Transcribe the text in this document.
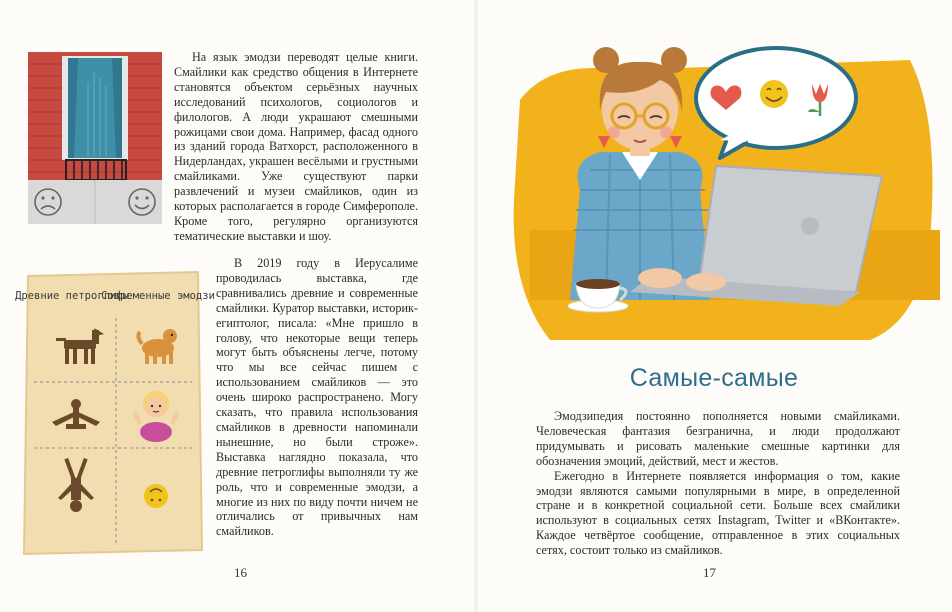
Древние петроглифы
Современные эмодзи

На язык эмодзи переводят целые книги. Смайлики как средство общения в Интернете становятся объектом серьёзных научных исследований психологов, социологов и филологов. А люди украшают смешными рожицами свои дома. Например, фасад одного из зданий города Ватхорст, расположенного в Нидерландах, украшен весёлыми и грустными смайликами. Уже существуют парки развлечений и музеи смайликов, один из которых располагается в городе Симферополе. Кроме того, регулярно организуются тематические выставки и шоу.

В 2019 году в Иерусалиме проводилась выставка, где сравнивались древние и современные смайлики. Куратор выставки, историк-египтолог, писала: «Мне пришло в голову, что некоторые вещи теперь могут быть объяснены легче, потому что мы все сейчас пишем с использованием смайликов — это очень широко распространено. Могу сказать, что правила использования смайликов в древности напоминали нынешние, но были строже». Выставка наглядно показала, что древние петроглифы выполняли ту же роль, что и современные эмодзи, а многие из них по виду почти ничем не отличались от привычных нам смайликов.

16
Самые-самые

Эмодзипедия постоянно пополняется новыми смайликами. Человеческая фантазия безгранична, и люди продолжают придумывать и рисовать маленькие смешные картинки для обозначения эмоций, действий, мест и жестов.

Ежегодно в Интернете появляется информация о том, какие эмодзи являются самыми популярными в мире, в определенной стране и в конкретной социальной сети. Больше всех смайлики используют в социальных сетях Instagram, Twitter и «ВКонтакте». Каждое четвёртое сообщение, отправленное в этих социальных сетях, состоит только из смайликов.

17
